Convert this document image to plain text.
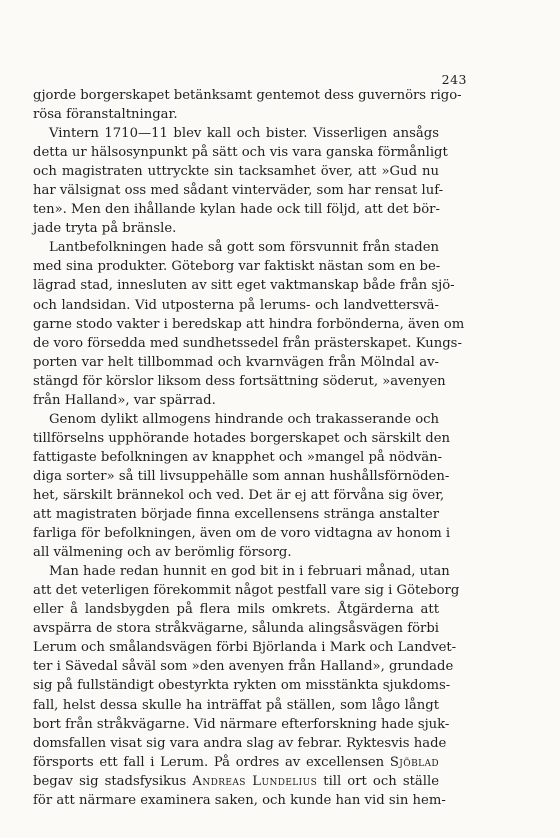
243
gjorde borgerskapet betänksamt gentemot dess guvernörs rigo-
rösa föranstaltningar.
Vintern 1710—11 blev kall och bister. Visserligen ansågs
detta ur hälsosynpunkt på sätt och vis vara ganska förmånligt
och magistraten uttryckte sin tacksamhet över, att »Gud nu
har välsignat oss med sådant vinterväder, som har rensat luf-
ten». Men den ihållande kylan hade ock till följd, att det bör-
jade tryta på bränsle.
Lantbefolkningen hade så gott som försvunnit från staden
med sina produkter. Göteborg var faktiskt nästan som en be-
lägrad stad, innesluten av sitt eget vaktmanskap både från sjö-
och landsidan. Vid utposterna på lerums- och landvettersvä-
garne stodo vakter i beredskap att hindra forbönderna, även om
de voro försedda med sundhetssedel från prästerskapet. Kungs-
porten var helt tillbommad och kvarnvägen från Mölndal av-
stängd för körslor liksom dess fortsättning söderut, »avenyen
från Halland», var spärrad.
Genom dylikt allmogens hindrande och trakasserande och
tillförselns upphörande hotades borgerskapet och särskilt den
fattigaste befolkningen av knapphet och »mangel på nödvän-
diga sorter» så till livsuppehälle som annan hushållsförnöden-
het, särskilt brännekol och ved. Det är ej att förvåna sig över,
att magistraten började finna excellensens stränga anstalter
farliga för befolkningen, även om de voro vidtagna av honom i
all välmening och av berömlig försorg.
Man hade redan hunnit en god bit in i februari månad, utan
att det veterligen förekommit något pestfall vare sig i Göteborg
eller å landsbygden på flera mils omkrets. Åtgärderna att
avspärra de stora stråkvägarne, sålunda alingsåsvägen förbi
Lerum och smålandsvägen förbi Björlanda i Mark och Landvet-
ter i Sävedal såväl som »den avenyen från Halland», grundade
sig på fullständigt obestyrkta rykten om misstänkta sjukdoms-
fall, helst dessa skulle ha inträffat på ställen, som lågo långt
bort från stråkvägarne. Vid närmare efterforskning hade sjuk-
domsfallen visat sig vara andra slag av febrar. Ryktesvis hade
försports ett fall i Lerum. På ordres av excellensen Sjöblad
begav sig stadsfysikus Andreas Lundelius till ort och ställe
för att närmare examinera saken, och kunde han vid sin hem-
